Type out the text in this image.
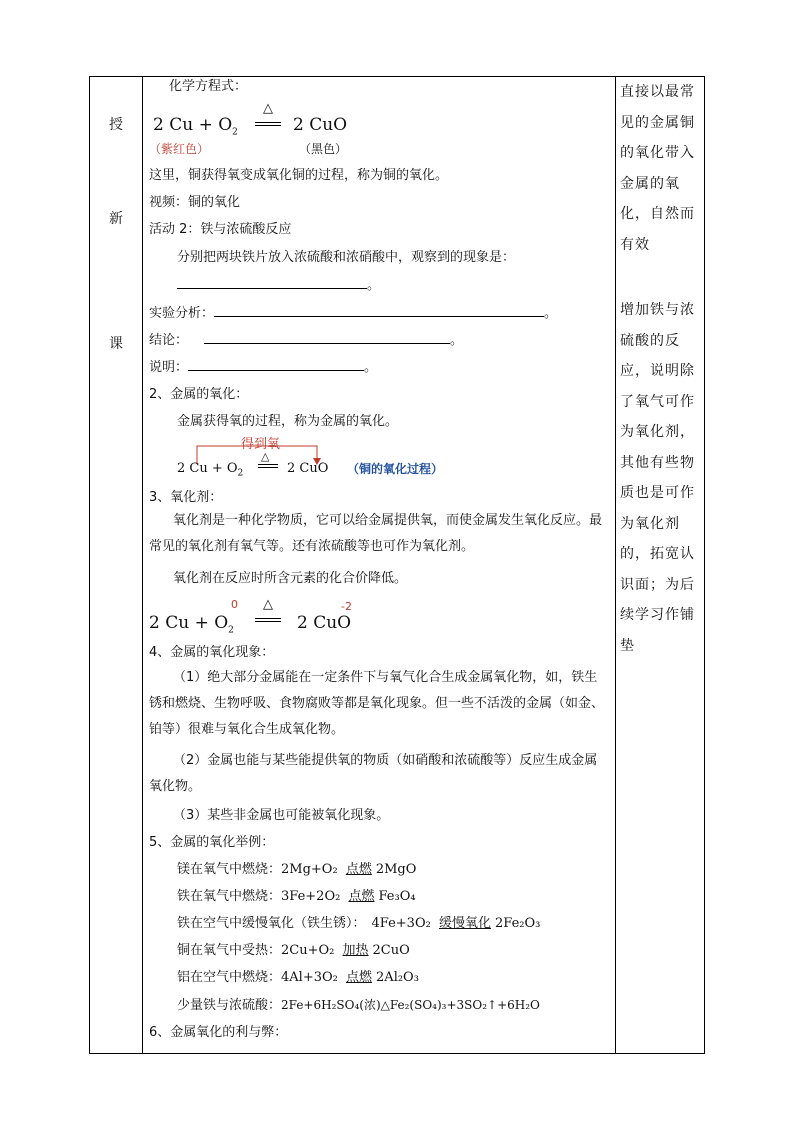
授
新
课
直接以最常见的金属铜的氧化带入金属的氧化，自然而有效
增加铁与浓硫酸的反应，说明除了氧气可作为氧化剂，其他有些物质也是可作为氧化剂的，拓宽认识面；为后续学习作铺垫
化学方程式：
2 $Cu + O_2$
△
2 CuO
（紫红色）	（黑色）
这里，铜获得氧变成氧化铜的过程，称为铜的氧化。
视频：铜的氧化
活动 2：铁与浓硫酸反应
分别把两块铁片放入浓硫酸和浓硝酸中，观察到的现象是：
。
实验分析：	。
结论：	。
说明：	。
2、金属的氧化：
金属获得氧的过程，称为金属的氧化。
得到氧
△
2 $Cu + O_2$	2 CuO （铜的氧化过程）
3、氧化剂：
氧化剂是一种化学物质，它可以给金属提供氧，而使金属发生氧化反应。最常见的氧化剂有氧气等。还有浓硫酸等也可作为氧化剂。
氧化剂在反应时所含元素的化合价降低。
0	-2
2 $Cu + O_2$
△
2 CuO
4、金属的氧化现象：
（1）绝大部分金属能在一定条件下与氧气化合生成金属氧化物，如，铁生锈和燃烧、生物呼吸、食物腐败等都是氧化现象。但一些不活泼的金属（如金、铂等）很难与氧化合生成氧化物。
（2）金属也能与某些能提供氧的物质（如硝酸和浓硫酸等）反应生成金属氧化物。
（3）某些非金属也可能被氧化现象。
5、金属的氧化举例：
镁在氧气中燃烧：2Mg+O₂ 点燃 2MgO
铁在氧气中燃烧：3Fe+2O₂ 点燃 Fe₃O₄
铁在空气中缓慢氧化（铁生锈）： 4Fe+3O₂ 缓慢氧化 2Fe₂O₃
铜在氧气中受热：2Cu+O₂ 加热 2CuO
铝在空气中燃烧：4Al+3O₂ 点燃 2Al₂O₃
少量铁与浓硫酸：2Fe+6H₂SO₄(浓)△Fe₂(SO₄)₃+3SO₂↑+6H₂O
6、金属氧化的利与弊：
